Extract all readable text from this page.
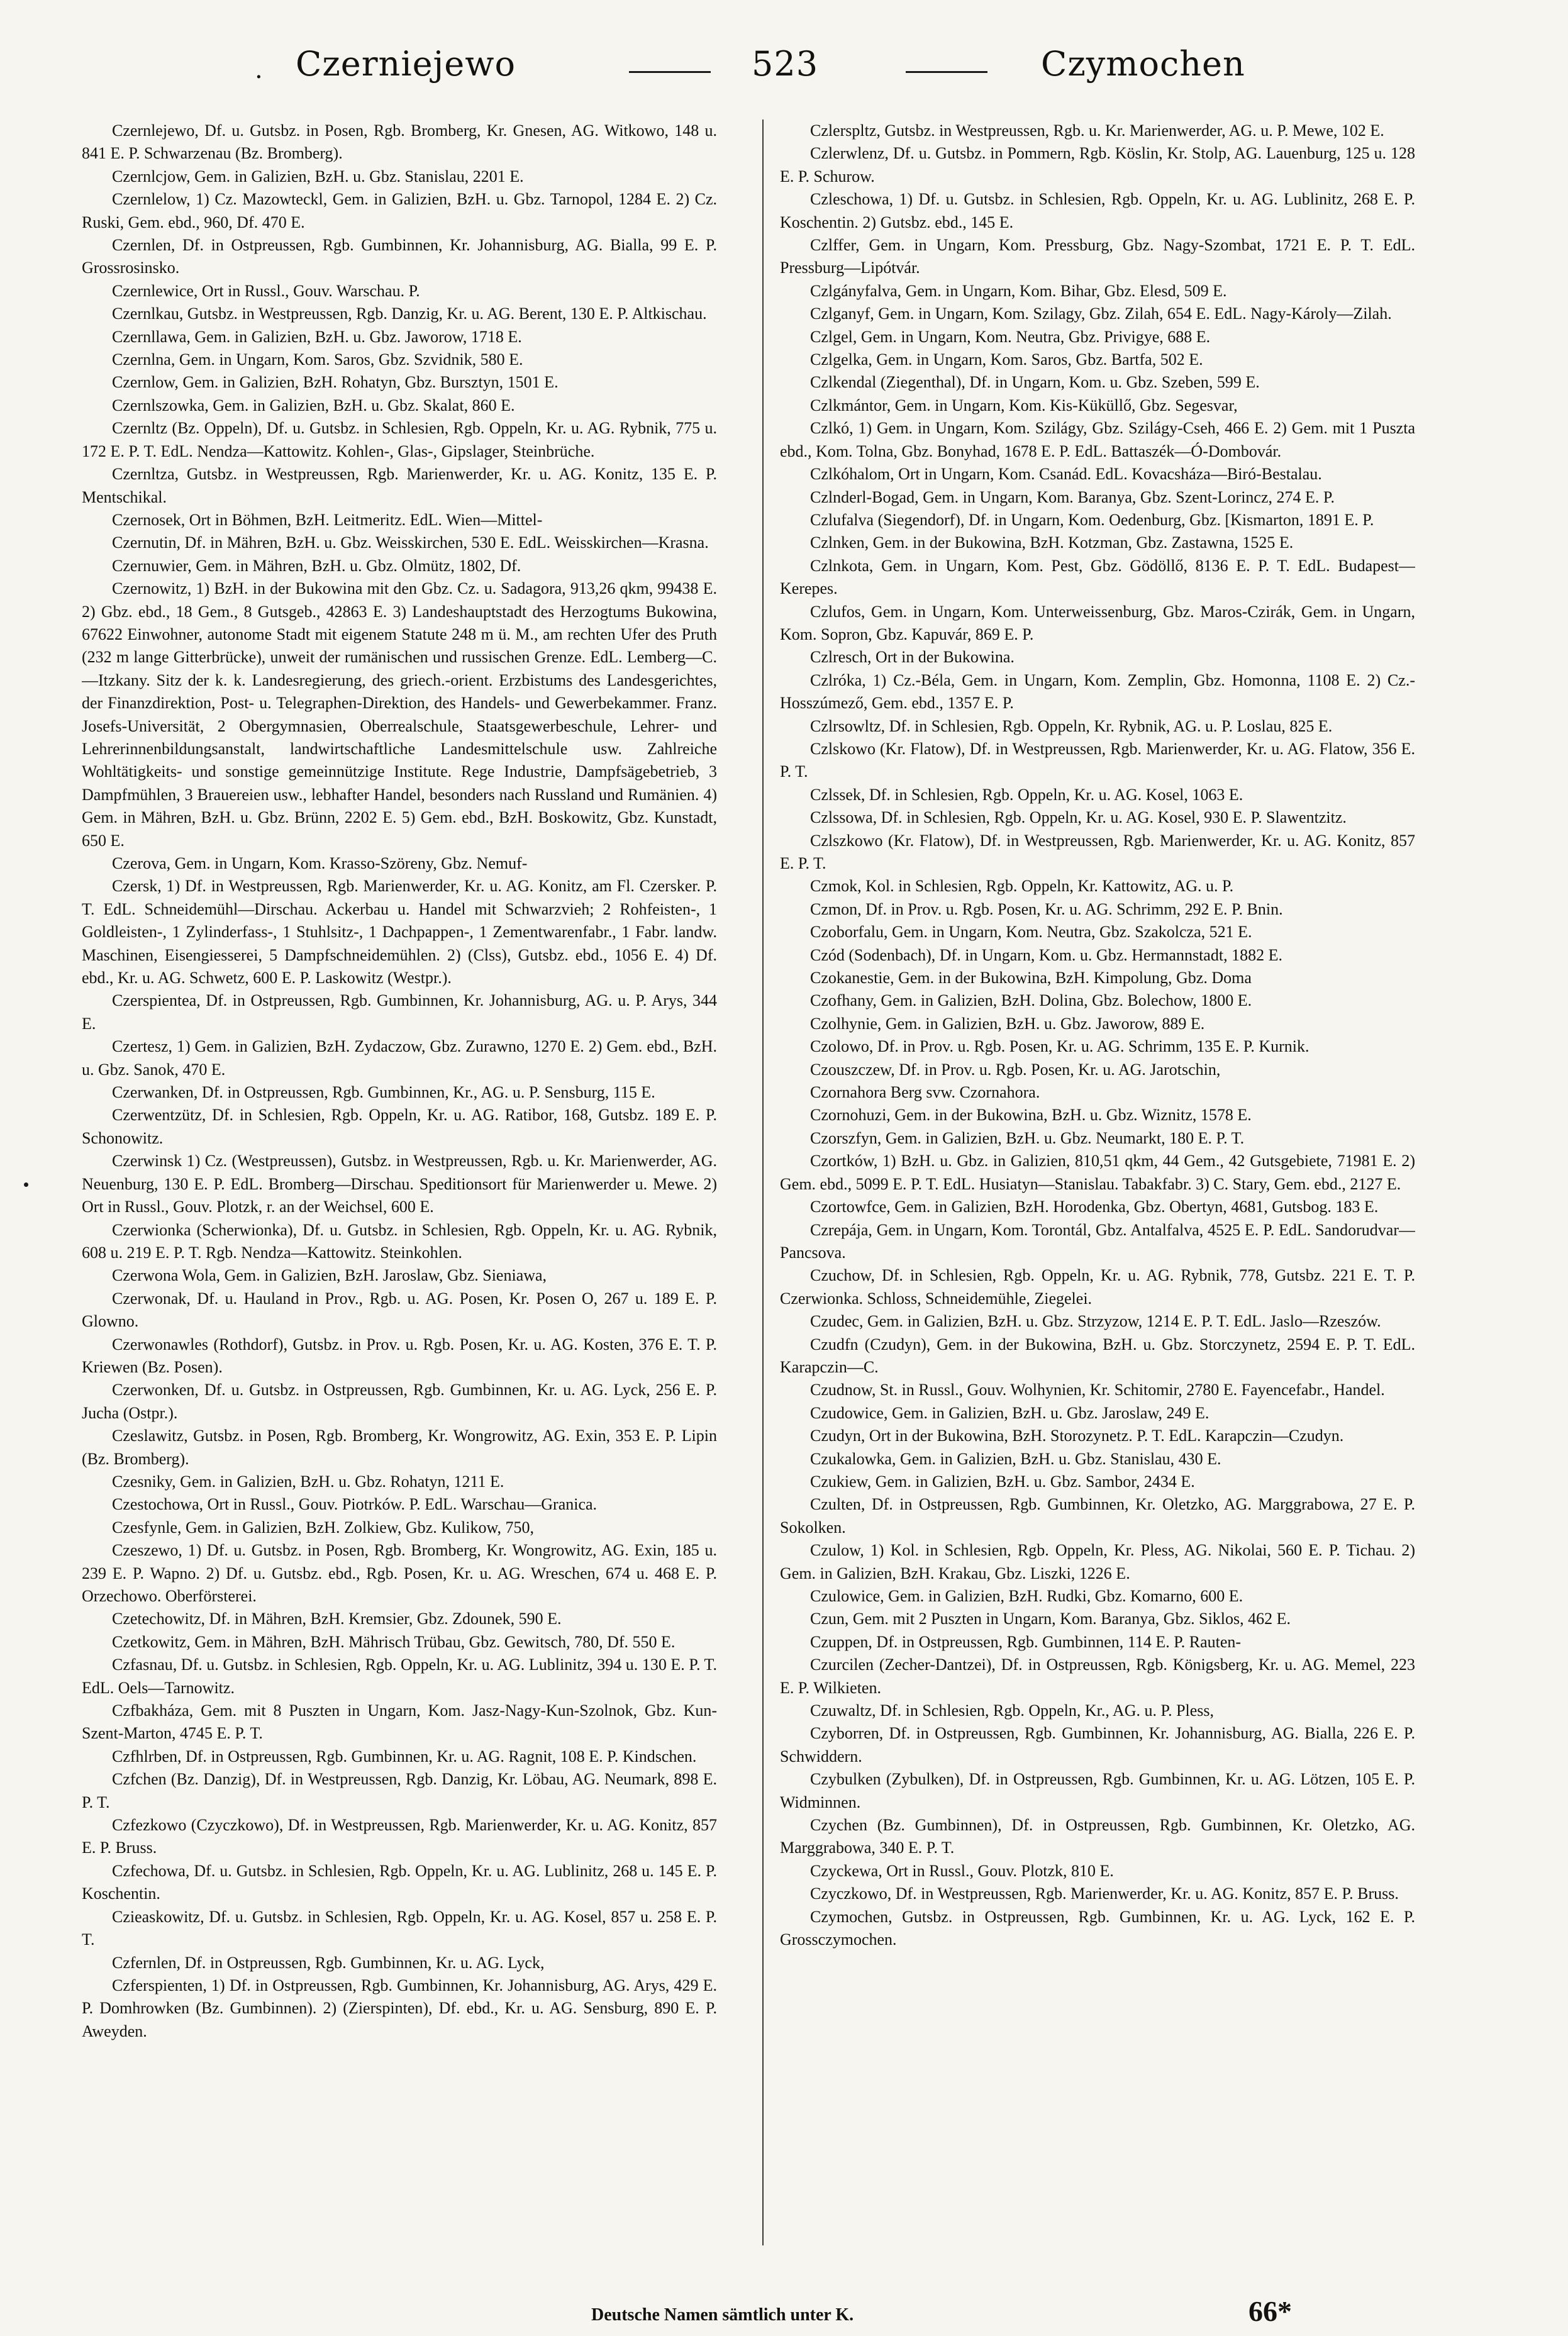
. Czerniejewo	523	Czymochen

Czernlejewo, Df. u. Gutsbz. in Posen, Rgb. Bromberg, Kr. Gnesen, AG. Witkowo, 148 u. 841 E. P. Schwarzenau (Bz. Bromberg).

Czernlcjow, Gem. in Galizien, BzH. u. Gbz. Stanislau, 2201 E.

Czernlelow, 1) Cz. Mazowteckl, Gem. in Galizien, BzH. u. Gbz. Tarnopol, 1284 E. 2) Cz. Ruski, Gem. ebd., 960, Df. 470 E.

Czernlen, Df. in Ostpreussen, Rgb. Gumbinnen, Kr. Johannisburg, AG. Bialla, 99 E. P. Grossrosinsko.

Czernlewice, Ort in Russl., Gouv. Warschau. P.

Czernlkau, Gutsbz. in Westpreussen, Rgb. Danzig, Kr. u. AG. Berent, 130 E. P. Altkischau.

Czernllawa, Gem. in Galizien, BzH. u. Gbz. Jaworow, 1718 E.

Czernlna, Gem. in Ungarn, Kom. Saros, Gbz. Szvidnik, 580 E.

Czernlow, Gem. in Galizien, BzH. Rohatyn, Gbz. Bursztyn, 1501 E.

Czernlszowka, Gem. in Galizien, BzH. u. Gbz. Skalat, 860 E.

Czernltz (Bz. Oppeln), Df. u. Gutsbz. in Schlesien, Rgb. Oppeln, Kr. u. AG. Rybnik, 775 u. 172 E. P. T. EdL. Nendza—Kattowitz. Kohlen-, Glas-, Gipslager, Steinbrüche.

Czernltza, Gutsbz. in Westpreussen, Rgb. Marienwerder, Kr. u. AG. Konitz, 135 E. P. Mentschikal.

Czernosek, Ort in Böhmen, BzH. Leitmeritz. EdL. Wien—Mittel-

Czernutin, Df. in Mähren, BzH. u. Gbz. Weisskirchen, 530 E. EdL. Weisskirchen—Krasna.

Czernuwier, Gem. in Mähren, BzH. u. Gbz. Olmütz, 1802, Df.

Czernowitz, 1) BzH. in der Bukowina mit den Gbz. Cz. u. Sadagora, 913,26 qkm, 99438 E. 2) Gbz. ebd., 18 Gem., 8 Gutsgeb., 42863 E. 3) Landeshauptstadt des Herzogtums Bukowina, 67622 Einwohner, autonome Stadt mit eigenem Statute 248 m ü. M., am rechten Ufer des Pruth (232 m lange Gitterbrücke), unweit der rumänischen und russischen Grenze. EdL. Lemberg—C.—Itzkany. Sitz der k. k. Landesregierung, des griech.-orient. Erzbistums des Landesgerichtes, der Finanzdirektion, Post- u. Telegraphen-Direktion, des Handels- und Gewerbekammer. Franz. Josefs-Universität, 2 Obergymnasien, Oberrealschule, Staatsgewerbeschule, Lehrer- und Lehrerinnenbildungsanstalt, landwirtschaftliche Landesmittelschule usw. Zahlreiche Wohltätigkeits- und sonstige gemeinnützige Institute. Rege Industrie, Dampfsägebetrieb, 3 Dampfmühlen, 3 Brauereien usw., lebhafter Handel, besonders nach Russland und Rumänien. 4) Gem. in Mähren, BzH. u. Gbz. Brünn, 2202 E. 5) Gem. ebd., BzH. Boskowitz, Gbz. Kunstadt, 650 E.

Czerova, Gem. in Ungarn, Kom. Krasso-Szöreny, Gbz. Nemuf-

Czersk, 1) Df. in Westpreussen, Rgb. Marienwerder, Kr. u. AG. Konitz, am Fl. Czersker. P. T. EdL. Schneidemühl—Dirschau. Ackerbau u. Handel mit Schwarzvieh; 2 Rohfeisten-, 1 Goldleisten-, 1 Zylinderfass-, 1 Stuhlsitz-, 1 Dachpappen-, 1 Zementwarenfabr., 1 Fabr. landw. Maschinen, Eisengiesserei, 5 Dampfschneidemühlen. 2) (Clss), Gutsbz. ebd., 1056 E. 4) Df. ebd., Kr. u. AG. Schwetz, 600 E. P. Laskowitz (Westpr.).

Czerspientea, Df. in Ostpreussen, Rgb. Gumbinnen, Kr. Johannisburg, AG. u. P. Arys, 344 E.

Czertesz, 1) Gem. in Galizien, BzH. Zydaczow, Gbz. Zurawno, 1270 E. 2) Gem. ebd., BzH. u. Gbz. Sanok, 470 E.

Czerwanken, Df. in Ostpreussen, Rgb. Gumbinnen, Kr., AG. u. P. Sensburg, 115 E.

Czerwentzütz, Df. in Schlesien, Rgb. Oppeln, Kr. u. AG. Ratibor, 168, Gutsbz. 189 E. P. Schonowitz.

Czerwinsk 1) Cz. (Westpreussen), Gutsbz. in Westpreussen, Rgb. u. Kr. Marienwerder, AG. Neuenburg, 130 E. P. EdL. Bromberg—Dirschau. Speditionsort für Marienwerder u. Mewe. 2) Ort in Russl., Gouv. Plotzk, r. an der Weichsel, 600 E.

Czerwionka (Scherwionka), Df. u. Gutsbz. in Schlesien, Rgb. Oppeln, Kr. u. AG. Rybnik, 608 u. 219 E. P. T. Rgb. Nendza—Kattowitz. Steinkohlen.

Czerwona Wola, Gem. in Galizien, BzH. Jaroslaw, Gbz. Sieniawa,

Czerwonak, Df. u. Hauland in Prov., Rgb. u. AG. Posen, Kr. Posen O, 267 u. 189 E. P. Glowno.

Czerwonawles (Rothdorf), Gutsbz. in Prov. u. Rgb. Posen, Kr. u. AG. Kosten, 376 E. T. P. Kriewen (Bz. Posen).

Czerwonken, Df. u. Gutsbz. in Ostpreussen, Rgb. Gumbinnen, Kr. u. AG. Lyck, 256 E. P. Jucha (Ostpr.).

Czeslawitz, Gutsbz. in Posen, Rgb. Bromberg, Kr. Wongrowitz, AG. Exin, 353 E. P. Lipin (Bz. Bromberg).

Czesniky, Gem. in Galizien, BzH. u. Gbz. Rohatyn, 1211 E.

Czestochowa, Ort in Russl., Gouv. Piotrków. P. EdL. Warschau—Granica.

Czesfynle, Gem. in Galizien, BzH. Zolkiew, Gbz. Kulikow, 750,

Czeszewo, 1) Df. u. Gutsbz. in Posen, Rgb. Bromberg, Kr. Wongrowitz, AG. Exin, 185 u. 239 E. P. Wapno. 2) Df. u. Gutsbz. ebd., Rgb. Posen, Kr. u. AG. Wreschen, 674 u. 468 E. P. Orzechowo. Oberförsterei.

Czetechowitz, Df. in Mähren, BzH. Kremsier, Gbz. Zdounek, 590 E.

Czetkowitz, Gem. in Mähren, BzH. Mährisch Trübau, Gbz. Gewitsch, 780, Df. 550 E.

Czfasnau, Df. u. Gutsbz. in Schlesien, Rgb. Oppeln, Kr. u. AG. Lublinitz, 394 u. 130 E. P. T. EdL. Oels—Tarnowitz.

Czfbakháza, Gem. mit 8 Puszten in Ungarn, Kom. Jasz-Nagy-Kun-Szolnok, Gbz. Kun-Szent-Marton, 4745 E. P. T.

Czfhlrben, Df. in Ostpreussen, Rgb. Gumbinnen, Kr. u. AG. Ragnit, 108 E. P. Kindschen.

Czfchen (Bz. Danzig), Df. in Westpreussen, Rgb. Danzig, Kr. Löbau, AG. Neumark, 898 E. P. T.

Czfezkowo (Czyczkowo), Df. in Westpreussen, Rgb. Marienwerder, Kr. u. AG. Konitz, 857 E. P. Bruss.

Czfechowa, Df. u. Gutsbz. in Schlesien, Rgb. Oppeln, Kr. u. AG. Lublinitz, 268 u. 145 E. P. Koschentin.

Czieaskowitz, Df. u. Gutsbz. in Schlesien, Rgb. Oppeln, Kr. u. AG. Kosel, 857 u. 258 E. P. T.

Czfernlen, Df. in Ostpreussen, Rgb. Gumbinnen, Kr. u. AG. Lyck,

Czferspienten, 1) Df. in Ostpreussen, Rgb. Gumbinnen, Kr. Johannisburg, AG. Arys, 429 E. P. Domhrowken (Bz. Gumbinnen). 2) (Zierspinten), Df. ebd., Kr. u. AG. Sensburg, 890 E. P. Aweyden.

Czlerspltz, Gutsbz. in Westpreussen, Rgb. u. Kr. Marienwerder, AG. u. P. Mewe, 102 E.

Czlerwlenz, Df. u. Gutsbz. in Pommern, Rgb. Köslin, Kr. Stolp, AG. Lauenburg, 125 u. 128 E. P. Schurow.

Czleschowa, 1) Df. u. Gutsbz. in Schlesien, Rgb. Oppeln, Kr. u. AG. Lublinitz, 268 E. P. Koschentin. 2) Gutsbz. ebd., 145 E.

Czlffer, Gem. in Ungarn, Kom. Pressburg, Gbz. Nagy-Szombat, 1721 E. P. T. EdL. Pressburg—Lipótvár.

Czlgányfalva, Gem. in Ungarn, Kom. Bihar, Gbz. Elesd, 509 E.

Czlganyf, Gem. in Ungarn, Kom. Szilagy, Gbz. Zilah, 654 E. EdL. Nagy-Károly—Zilah.

Czlgel, Gem. in Ungarn, Kom. Neutra, Gbz. Privigye, 688 E.

Czlgelka, Gem. in Ungarn, Kom. Saros, Gbz. Bartfa, 502 E.

Czlkendal (Ziegenthal), Df. in Ungarn, Kom. u. Gbz. Szeben, 599 E.

Czlkmántor, Gem. in Ungarn, Kom. Kis-Küküllő, Gbz. Segesvar,

Czlkó, 1) Gem. in Ungarn, Kom. Szilágy, Gbz. Szilágy-Cseh, 466 E. 2) Gem. mit 1 Puszta ebd., Kom. Tolna, Gbz. Bonyhad, 1678 E. P. EdL. Battaszék—Ó-Dombovár.

Czlkóhalom, Ort in Ungarn, Kom. Csanád. EdL. Kovacsháza—Biró-Bestalau.

Czlnderl-Bogad, Gem. in Ungarn, Kom. Baranya, Gbz. Szent-Lorincz, 274 E. P.

Czlufalva (Siegendorf), Df. in Ungarn, Kom. Oedenburg, Gbz. [Kismarton, 1891 E. P.

Czlnken, Gem. in der Bukowina, BzH. Kotzman, Gbz. Zastawna, 1525 E.

Czlnkota, Gem. in Ungarn, Kom. Pest, Gbz. Gödöllő, 8136 E. P. T. EdL. Budapest—Kerepes.

Czlufos, Gem. in Ungarn, Kom. Unterweissenburg, Gbz. Maros-Czirák, Gem. in Ungarn, Kom. Sopron, Gbz. Kapuvár, 869 E. P.

Czlresch, Ort in der Bukowina.

Czlróka, 1) Cz.-Béla, Gem. in Ungarn, Kom. Zemplin, Gbz. Homonna, 1108 E. 2) Cz.-Hosszúmező, Gem. ebd., 1357 E. P.

Czlrsowltz, Df. in Schlesien, Rgb. Oppeln, Kr. Rybnik, AG. u. P. Loslau, 825 E.

Czlskowo (Kr. Flatow), Df. in Westpreussen, Rgb. Marienwerder, Kr. u. AG. Flatow, 356 E. P. T.

Czlssek, Df. in Schlesien, Rgb. Oppeln, Kr. u. AG. Kosel, 1063 E.

Czlssowa, Df. in Schlesien, Rgb. Oppeln, Kr. u. AG. Kosel, 930 E. P. Slawentzitz.

Czlszkowo (Kr. Flatow), Df. in Westpreussen, Rgb. Marienwerder, Kr. u. AG. Konitz, 857 E. P. T.

Czmok, Kol. in Schlesien, Rgb. Oppeln, Kr. Kattowitz, AG. u. P.

Czmon, Df. in Prov. u. Rgb. Posen, Kr. u. AG. Schrimm, 292 E. P. Bnin.

Czoborfalu, Gem. in Ungarn, Kom. Neutra, Gbz. Szakolcza, 521 E.

Czód (Sodenbach), Df. in Ungarn, Kom. u. Gbz. Hermannstadt, 1882 E.

Czokanestie, Gem. in der Bukowina, BzH. Kimpolung, Gbz. Doma

Czofhany, Gem. in Galizien, BzH. Dolina, Gbz. Bolechow, 1800 E.

Czolhynie, Gem. in Galizien, BzH. u. Gbz. Jaworow, 889 E.

Czolowo, Df. in Prov. u. Rgb. Posen, Kr. u. AG. Schrimm, 135 E. P. Kurnik.

Czouszczew, Df. in Prov. u. Rgb. Posen, Kr. u. AG. Jarotschin,

Czornahora Berg svw. Czornahora.

Czornohuzi, Gem. in der Bukowina, BzH. u. Gbz. Wiznitz, 1578 E.

Czorszfyn, Gem. in Galizien, BzH. u. Gbz. Neumarkt, 180 E. P. T.

Czortków, 1) BzH. u. Gbz. in Galizien, 810,51 qkm, 44 Gem., 42 Gutsgebiete, 71981 E. 2) Gem. ebd., 5099 E. P. T. EdL. Husiatyn—Stanislau. Tabakfabr. 3) C. Stary, Gem. ebd., 2127 E.

Czortowfce, Gem. in Galizien, BzH. Horodenka, Gbz. Obertyn, 4681, Gutsbog. 183 E.

Czrepája, Gem. in Ungarn, Kom. Torontál, Gbz. Antalfalva, 4525 E. P. EdL. Sandorudvar—Pancsova.

Czuchow, Df. in Schlesien, Rgb. Oppeln, Kr. u. AG. Rybnik, 778, Gutsbz. 221 E. T. P. Czerwionka. Schloss, Schneidemühle, Ziegelei.

Czudec, Gem. in Galizien, BzH. u. Gbz. Strzyzow, 1214 E. P. T. EdL. Jaslo—Rzeszów.

Czudfn (Czudyn), Gem. in der Bukowina, BzH. u. Gbz. Storczynetz, 2594 E. P. T. EdL. Karapczin—C.

Czudnow, St. in Russl., Gouv. Wolhynien, Kr. Schitomir, 2780 E. Fayencefabr., Handel.

Czudowice, Gem. in Galizien, BzH. u. Gbz. Jaroslaw, 249 E.

Czudyn, Ort in der Bukowina, BzH. Storozynetz. P. T. EdL. Karapczin—Czudyn.

Czukalowka, Gem. in Galizien, BzH. u. Gbz. Stanislau, 430 E.

Czukiew, Gem. in Galizien, BzH. u. Gbz. Sambor, 2434 E.

Czulten, Df. in Ostpreussen, Rgb. Gumbinnen, Kr. Oletzko, AG. Marggrabowa, 27 E. P. Sokolken.

Czulow, 1) Kol. in Schlesien, Rgb. Oppeln, Kr. Pless, AG. Nikolai, 560 E. P. Tichau. 2) Gem. in Galizien, BzH. Krakau, Gbz. Liszki, 1226 E.

Czulowice, Gem. in Galizien, BzH. Rudki, Gbz. Komarno, 600 E.

Czun, Gem. mit 2 Puszten in Ungarn, Kom. Baranya, Gbz. Siklos, 462 E.

Czuppen, Df. in Ostpreussen, Rgb. Gumbinnen, 114 E. P. Rauten-

Czurcilen (Zecher-Dantzei), Df. in Ostpreussen, Rgb. Königsberg, Kr. u. AG. Memel, 223 E. P. Wilkieten.

Czuwaltz, Df. in Schlesien, Rgb. Oppeln, Kr., AG. u. P. Pless,

Czyborren, Df. in Ostpreussen, Rgb. Gumbinnen, Kr. Johannisburg, AG. Bialla, 226 E. P. Schwiddern.

Czybulken (Zybulken), Df. in Ostpreussen, Rgb. Gumbinnen, Kr. u. AG. Lötzen, 105 E. P. Widminnen.

Czychen (Bz. Gumbinnen), Df. in Ostpreussen, Rgb. Gumbinnen, Kr. Oletzko, AG. Marggrabowa, 340 E. P. T.

Czyckewa, Ort in Russl., Gouv. Plotzk, 810 E.

Czyczkowo, Df. in Westpreussen, Rgb. Marienwerder, Kr. u. AG. Konitz, 857 E. P. Bruss.

Czymochen, Gutsbz. in Ostpreussen, Rgb. Gumbinnen, Kr. u. AG. Lyck, 162 E. P. Grossczymochen.

Deutsche Namen sämtlich unter K.	66*
